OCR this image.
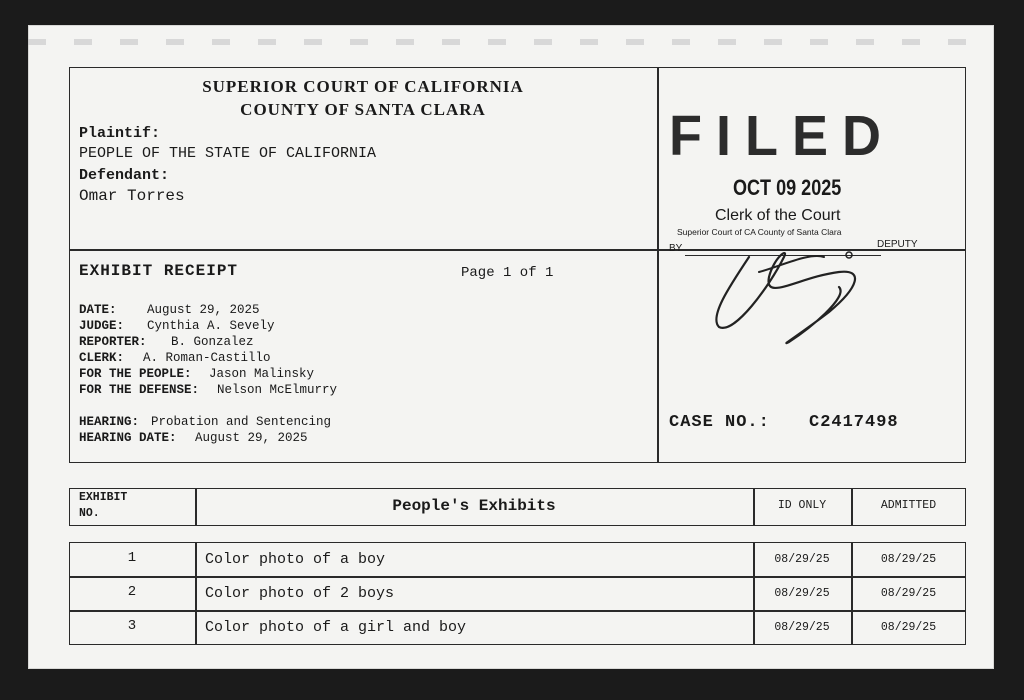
SUPERIOR COURT OF CALIFORNIA
COUNTY OF SANTA CLARA
Plaintif:
PEOPLE OF THE STATE OF CALIFORNIA
Defendant:
Omar Torres
FILED
OCT 09 2025
Clerk of the Court
Superior Court of CA County of Santa Clara
BY	DEPUTY
EXHIBIT RECEIPT	Page 1 of 1
DATE: August 29, 2025
JUDGE: Cynthia A. Sevely
REPORTER: B. Gonzalez
CLERK: A. Roman-Castillo
FOR THE PEOPLE: Jason Malinsky
FOR THE DEFENSE: Nelson McElmurry
HEARING: Probation and Sentencing
HEARING DATE: August 29, 2025
CASE NO.: C2417498
EXHIBIT
NO.	People's Exhibits	ID ONLY	ADMITTED
1	Color photo of a boy	08/29/25	08/29/25
2	Color photo of 2 boys	08/29/25	08/29/25
3	Color photo of a girl and boy	08/29/25	08/29/25
